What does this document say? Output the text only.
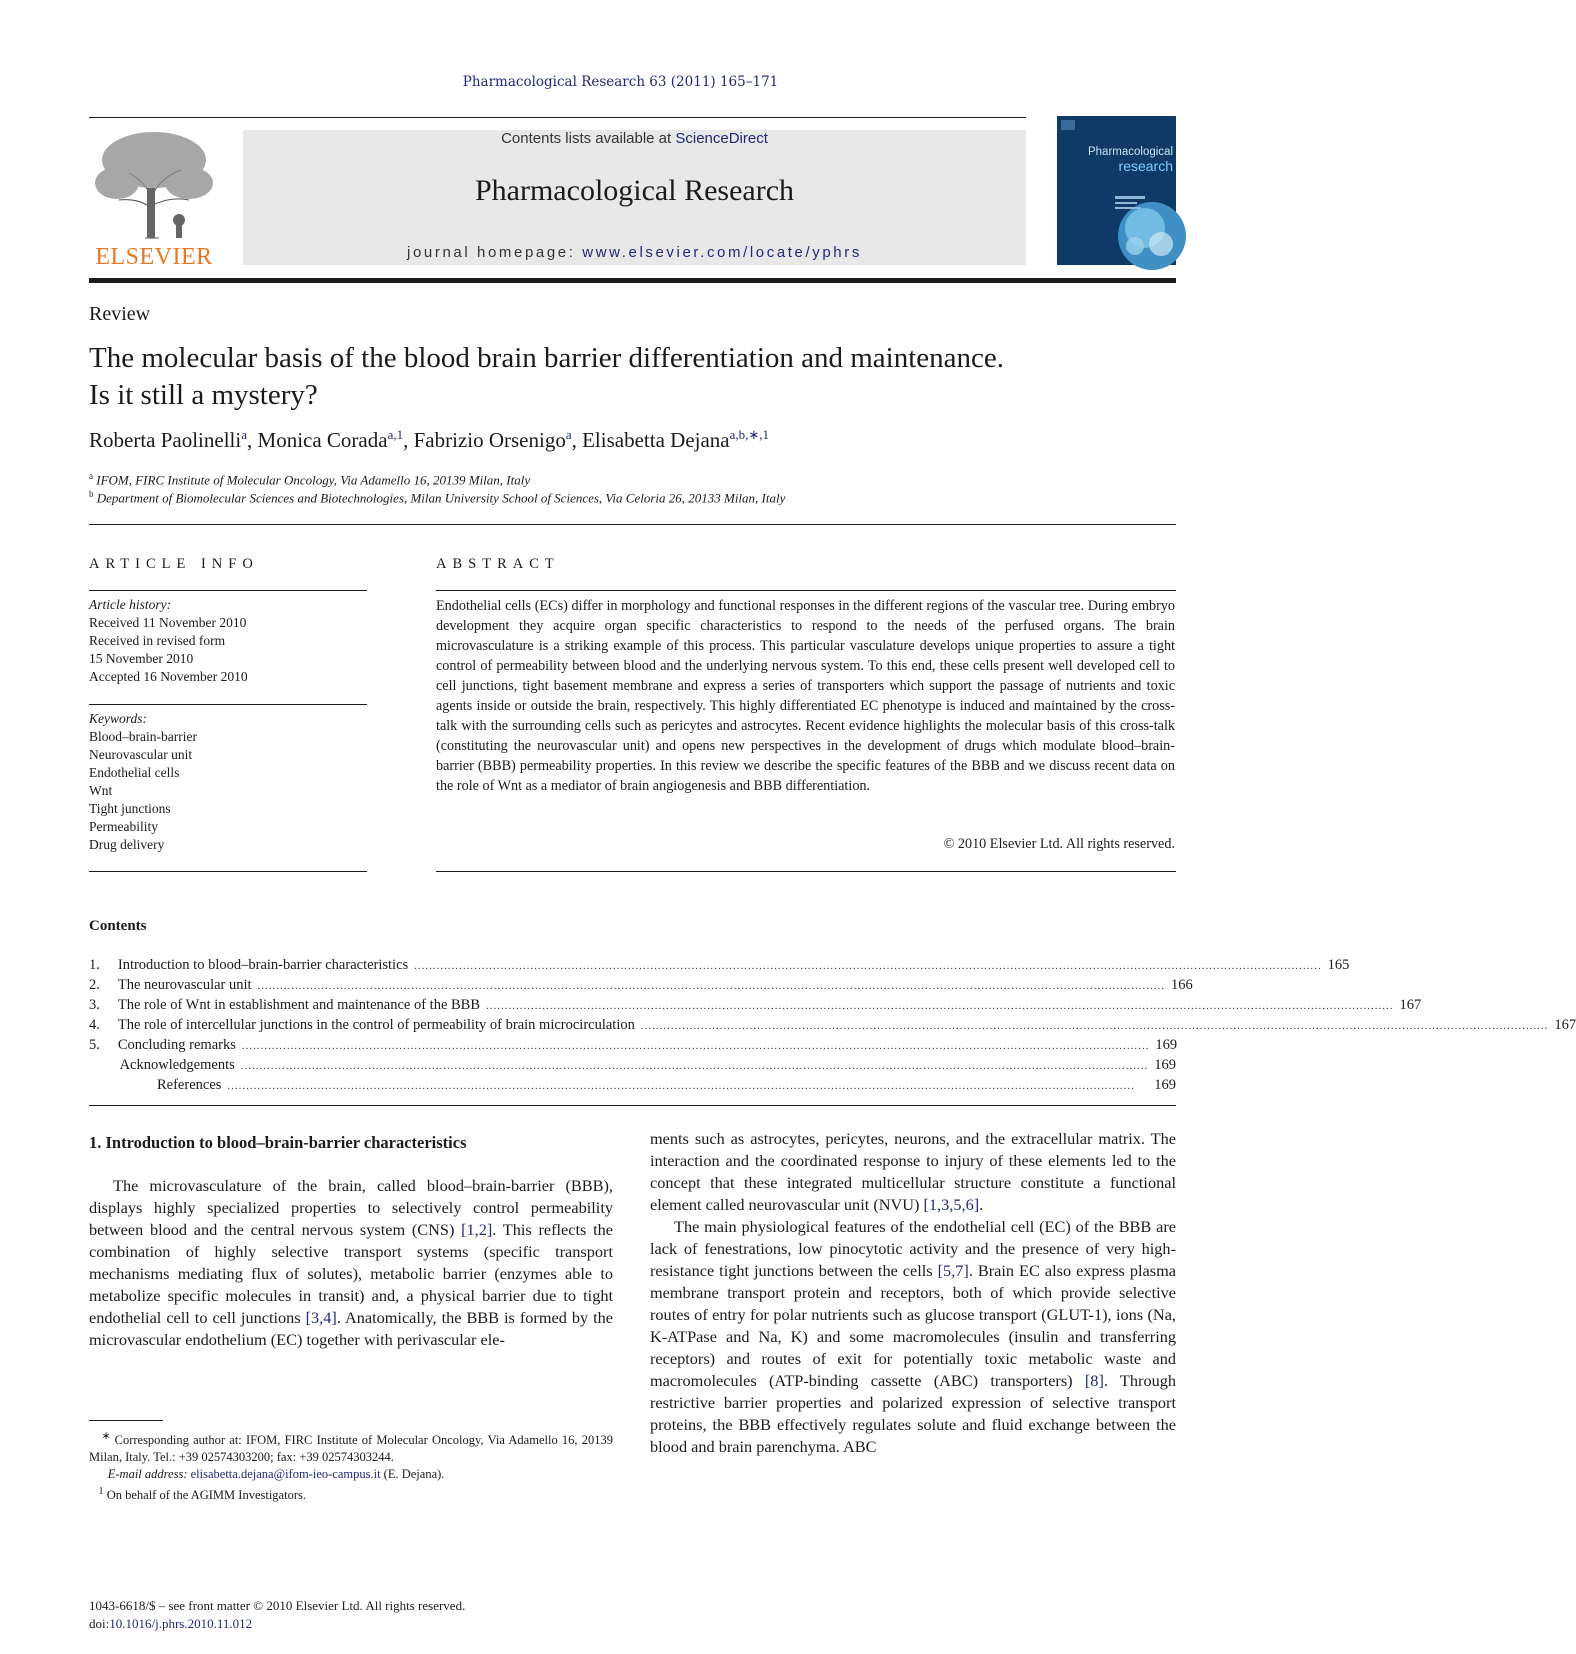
Pharmacological Research 63 (2011) 165–171
ELSEVIER
Contents lists available at ScienceDirect
Pharmacological Research
journal homepage: www.elsevier.com/locate/yphrs
Pharmacological
research
Review
The molecular basis of the blood brain barrier differentiation and maintenance.
Is it still a mystery?
Roberta Paolinelli$^a$, Monica Corada$^{a,1}$, Fabrizio Orsenigo$^a$, Elisabetta Dejana$^{a,b,∗,1}$
$^a$ IFOM, FIRC Institute of Molecular Oncology, Via Adamello 16, 20139 Milan, Italy
$^b$ Department of Biomolecular Sciences and Biotechnologies, Milan University School of Sciences, Via Celoria 26, 20133 Milan, Italy
ARTICLE INFO
Article history:
Received 11 November 2010
Received in revised form
15 November 2010
Accepted 16 November 2010
Keywords:
Blood–brain-barrier
Neurovascular unit
Endothelial cells
Wnt
Tight junctions
Permeability
Drug delivery
ABSTRACT
Endothelial cells (ECs) differ in morphology and functional responses in the different regions of the vascular tree. During embryo development they acquire organ specific characteristics to respond to the needs of the perfused organs. The brain microvasculature is a striking example of this process. This particular vasculature develops unique properties to assure a tight control of permeability between blood and the underlying nervous system. To this end, these cells present well developed cell to cell junctions, tight basement membrane and express a series of transporters which support the passage of nutrients and toxic agents inside or outside the brain, respectively. This highly differentiated EC phenotype is induced and maintained by the cross-talk with the surrounding cells such as pericytes and astrocytes. Recent evidence highlights the molecular basis of this cross-talk (constituting the neurovascular unit) and opens new perspectives in the development of drugs which modulate blood–brain-barrier (BBB) permeability properties. In this review we describe the specific features of the BBB and we discuss recent data on the role of Wnt as a mediator of brain angiogenesis and BBB differentiation.
© 2010 Elsevier Ltd. All rights reserved.
Contents
1.	Introduction to blood–brain-barrier characteristics .................................................................................................................................................................................................................................................. 165
2.	The neurovascular unit .................................................................................................................................................................................................................................................. 166
3.	The role of Wnt in establishment and maintenance of the BBB .................................................................................................................................................................................................................................................. 167
4.	The role of intercellular junctions in the control of permeability of brain microcirculation .................................................................................................................................................................................................................................................. 167
5.	Concluding remarks .................................................................................................................................................................................................................................................. 169
Acknowledgements .................................................................................................................................................................................................................................................. 169
References ..................................................................................................................................................................................................................................................	169
1. Introduction to blood–brain-barrier characteristics

The microvasculature of the brain, called blood–brain-barrier (BBB), displays highly specialized properties to selectively control permeability between blood and the central nervous system (CNS) [1,2]. This reflects the combination of highly selective transport systems (specific transport mechanisms mediating flux of solutes), metabolic barrier (enzymes able to metabolize specific molecules in transit) and, a physical barrier due to tight endothelial cell to cell junctions [3,4]. Anatomically, the BBB is formed by the microvascular endothelium (EC) together with perivascular ele-

ments such as astrocytes, pericytes, neurons, and the extracellular matrix. The interaction and the coordinated response to injury of these elements led to the concept that these integrated multicellular structure constitute a functional element called neurovascular unit (NVU) [1,3,5,6].

The main physiological features of the endothelial cell (EC) of the BBB are lack of fenestrations, low pinocytotic activity and the presence of very high-resistance tight junctions between the cells [5,7]. Brain EC also express plasma membrane transport protein and receptors, both of which provide selective routes of entry for polar nutrients such as glucose transport (GLUT-1), ions (Na, K-ATPase and Na, K) and some macromolecules (insulin and transferring receptors) and routes of exit for potentially toxic metabolic waste and macromolecules (ATP-binding cassette (ABC) transporters) [8]. Through restrictive barrier properties and polarized expression of selective transport proteins, the BBB effectively regulates solute and fluid exchange between the blood and brain parenchyma. ABC

∗ Corresponding author at: IFOM, FIRC Institute of Molecular Oncology, Via Adamello 16, 20139 Milan, Italy. Tel.: +39 02574303200; fax: +39 02574303244.
E-mail address: elisabetta.dejana@ifom-ieo-campus.it (E. Dejana).
$^1$ On behalf of the AGIMM Investigators.
1043-6618/$ – see front matter © 2010 Elsevier Ltd. All rights reserved.
doi:10.1016/j.phrs.2010.11.012
